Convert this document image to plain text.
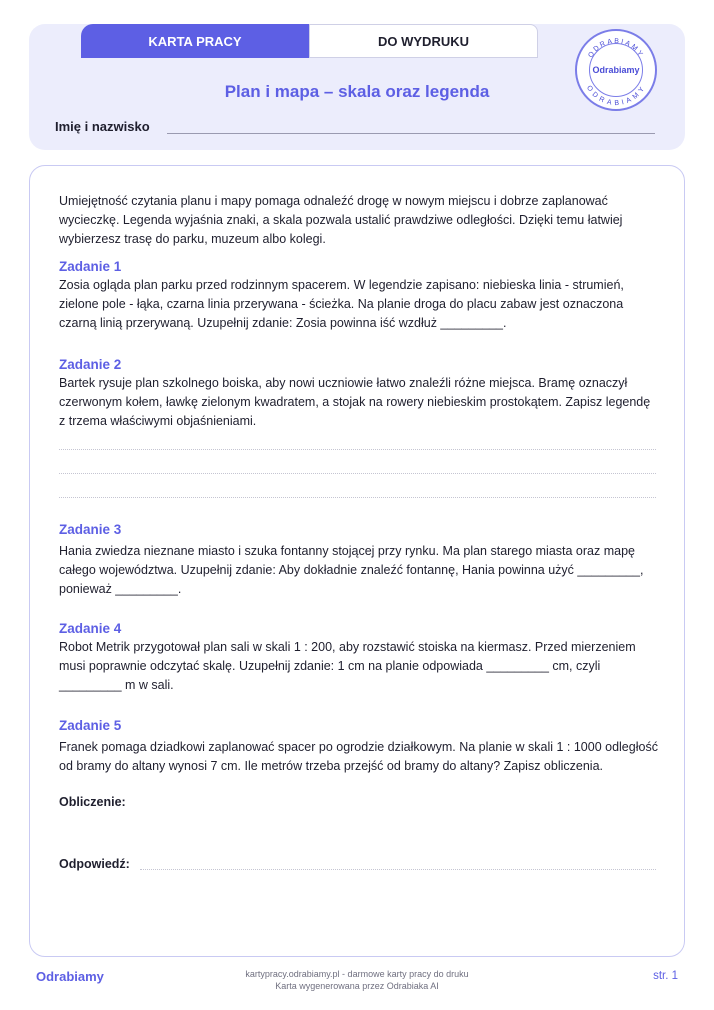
KARTA PRACY	DO WYDRUKU
Plan i mapa – skala oraz legenda
Imię i nazwisko
ODRABIAMY
ODRABIAMY
Odrabiamy
Umiejętność czytania planu i mapy pomaga odnaleźć drogę w nowym miejscu i dobrze zaplanować wycieczkę. Legenda wyjaśnia znaki, a skala pozwala ustalić prawdziwe odległości. Dzięki temu łatwiej wybierzesz trasę do parku, muzeum albo kolegi.
Zadanie 1
Zosia ogląda plan parku przed rodzinnym spacerem. W legendzie zapisano: niebieska linia - strumień, zielone pole - łąka, czarna linia przerywana - ścieżka. Na planie droga do placu zabaw jest oznaczona czarną linią przerywaną. Uzupełnij zdanie: Zosia powinna iść wzdłuż _________.
Zadanie 2
Bartek rysuje plan szkolnego boiska, aby nowi uczniowie łatwo znaleźli różne miejsca. Bramę oznaczył czerwonym kołem, ławkę zielonym kwadratem, a stojak na rowery niebieskim prostokątem. Zapisz legendę z trzema właściwymi objaśnieniami.
Zadanie 3
Hania zwiedza nieznane miasto i szuka fontanny stojącej przy rynku. Ma plan starego miasta oraz mapę całego województwa. Uzupełnij zdanie: Aby dokładnie znaleźć fontannę, Hania powinna użyć _________, ponieważ _________.
Zadanie 4
Robot Metrik przygotował plan sali w skali 1 : 200, aby rozstawić stoiska na kiermasz. Przed mierzeniem musi poprawnie odczytać skalę. Uzupełnij zdanie: 1 cm na planie odpowiada _________ cm, czyli _________ m w sali.
Zadanie 5
Franek pomaga dziadkowi zaplanować spacer po ogrodzie działkowym. Na planie w skali 1 : 1000 odległość od bramy do altany wynosi 7 cm. Ile metrów trzeba przejść od bramy do altany? Zapisz obliczenia.
Obliczenie:
Odpowiedź:
Odrabiamy	kartypracy.odrabiamy.pl - darmowe karty pracy do druku
Karta wygenerowana przez Odrabiaka AI
str. 1
